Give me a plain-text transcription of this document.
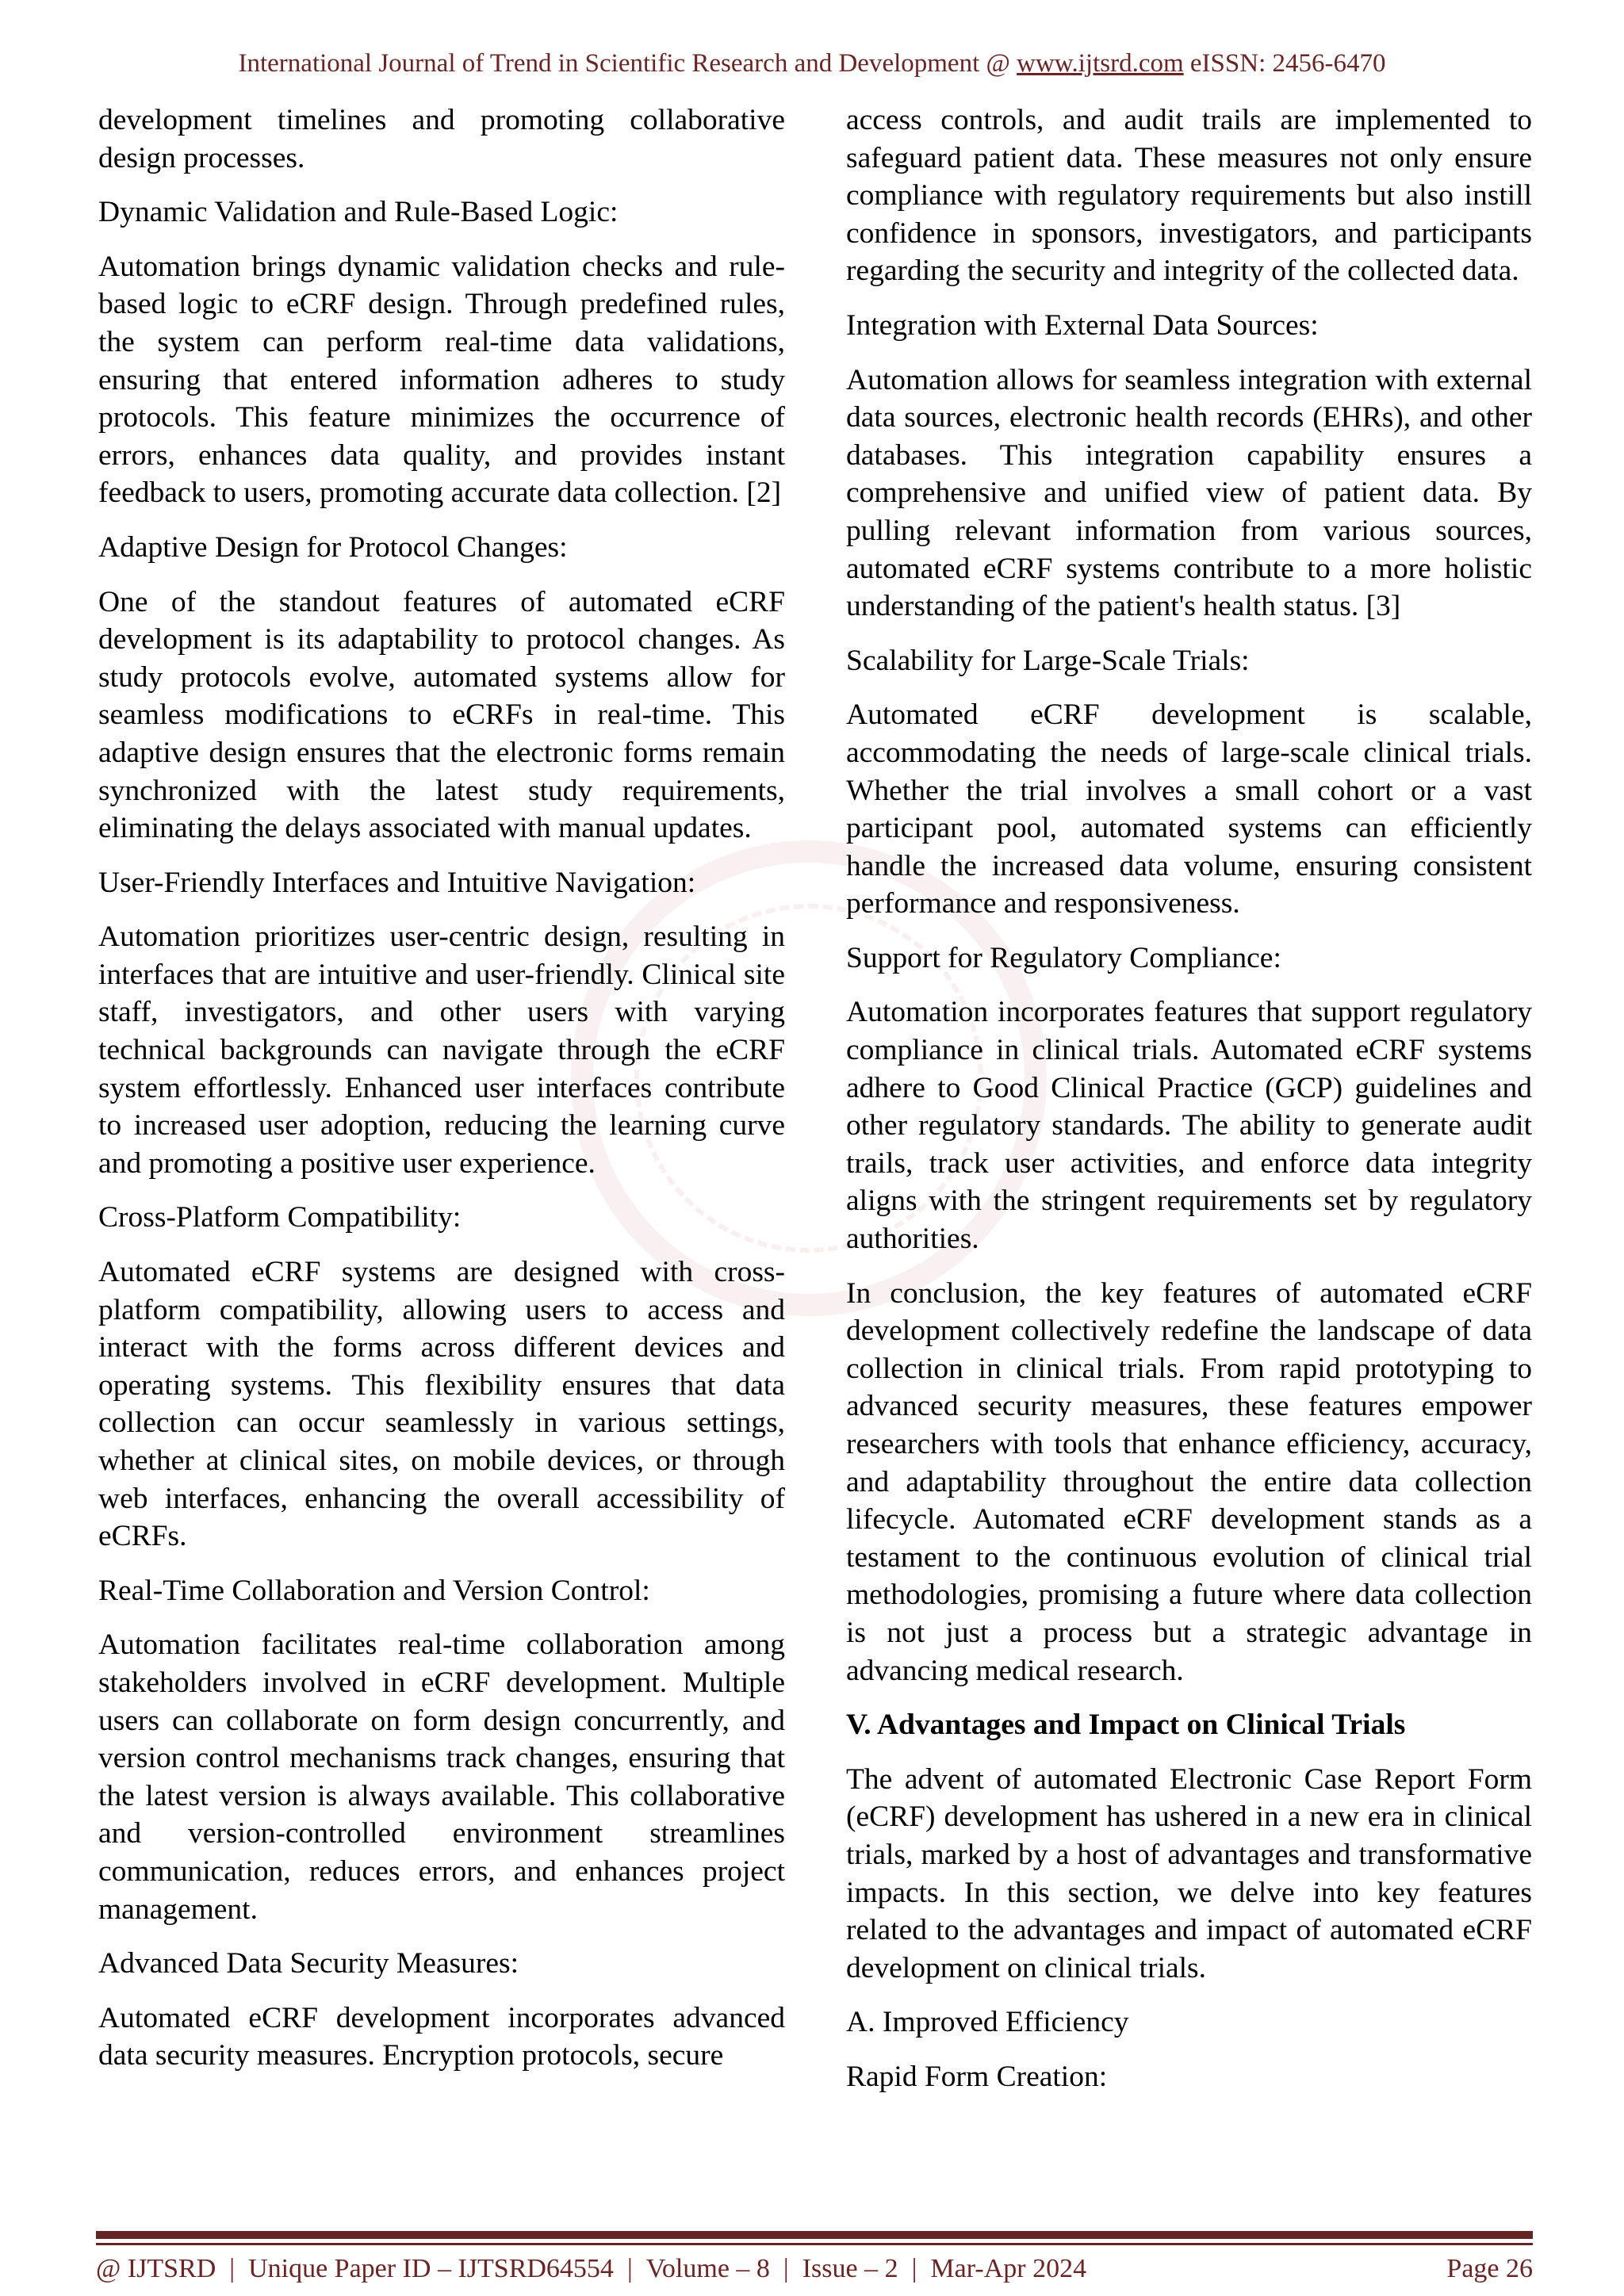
International Journal of Trend in Scientific Research and Development @ www.ijtsrd.com eISSN: 2456-6470

development timelines and promoting collaborative design processes.

Dynamic Validation and Rule-Based Logic:

Automation brings dynamic validation checks and rule-based logic to eCRF design. Through predefined rules, the system can perform real-time data validations, ensuring that entered information adheres to study protocols. This feature minimizes the occurrence of errors, enhances data quality, and provides instant feedback to users, promoting accurate data collection. [2]

Adaptive Design for Protocol Changes:

One of the standout features of automated eCRF development is its adaptability to protocol changes. As study protocols evolve, automated systems allow for seamless modifications to eCRFs in real-time. This adaptive design ensures that the electronic forms remain synchronized with the latest study requirements, eliminating the delays associated with manual updates.

User-Friendly Interfaces and Intuitive Navigation:

Automation prioritizes user-centric design, resulting in interfaces that are intuitive and user-friendly. Clinical site staff, investigators, and other users with varying technical backgrounds can navigate through the eCRF system effortlessly. Enhanced user interfaces contribute to increased user adoption, reducing the learning curve and promoting a positive user experience.

Cross-Platform Compatibility:

Automated eCRF systems are designed with cross-platform compatibility, allowing users to access and interact with the forms across different devices and operating systems. This flexibility ensures that data collection can occur seamlessly in various settings, whether at clinical sites, on mobile devices, or through web interfaces, enhancing the overall accessibility of eCRFs.

Real-Time Collaboration and Version Control:

Automation facilitates real-time collaboration among stakeholders involved in eCRF development. Multiple users can collaborate on form design concurrently, and version control mechanisms track changes, ensuring that the latest version is always available. This collaborative and version-controlled environment streamlines communication, reduces errors, and enhances project management.

Advanced Data Security Measures:

Automated eCRF development incorporates advanced data security measures. Encryption protocols, secure

access controls, and audit trails are implemented to safeguard patient data. These measures not only ensure compliance with regulatory requirements but also instill confidence in sponsors, investigators, and participants regarding the security and integrity of the collected data.

Integration with External Data Sources:

Automation allows for seamless integration with external data sources, electronic health records (EHRs), and other databases. This integration capability ensures a comprehensive and unified view of patient data. By pulling relevant information from various sources, automated eCRF systems contribute to a more holistic understanding of the patient's health status. [3]

Scalability for Large-Scale Trials:

Automated eCRF development is scalable, accommodating the needs of large-scale clinical trials. Whether the trial involves a small cohort or a vast participant pool, automated systems can efficiently handle the increased data volume, ensuring consistent performance and responsiveness.

Support for Regulatory Compliance:

Automation incorporates features that support regulatory compliance in clinical trials. Automated eCRF systems adhere to Good Clinical Practice (GCP) guidelines and other regulatory standards. The ability to generate audit trails, track user activities, and enforce data integrity aligns with the stringent requirements set by regulatory authorities.

In conclusion, the key features of automated eCRF development collectively redefine the landscape of data collection in clinical trials. From rapid prototyping to advanced security measures, these features empower researchers with tools that enhance efficiency, accuracy, and adaptability throughout the entire data collection lifecycle. Automated eCRF development stands as a testament to the continuous evolution of clinical trial methodologies, promising a future where data collection is not just a process but a strategic advantage in advancing medical research.

V. Advantages and Impact on Clinical Trials

The advent of automated Electronic Case Report Form (eCRF) development has ushered in a new era in clinical trials, marked by a host of advantages and transformative impacts. In this section, we delve into key features related to the advantages and impact of automated eCRF development on clinical trials.

A. Improved Efficiency

Rapid Form Creation:

@ IJTSRD | Unique Paper ID – IJTSRD64554 | Volume – 8 | Issue – 2 | Mar-Apr 2024	Page 26
